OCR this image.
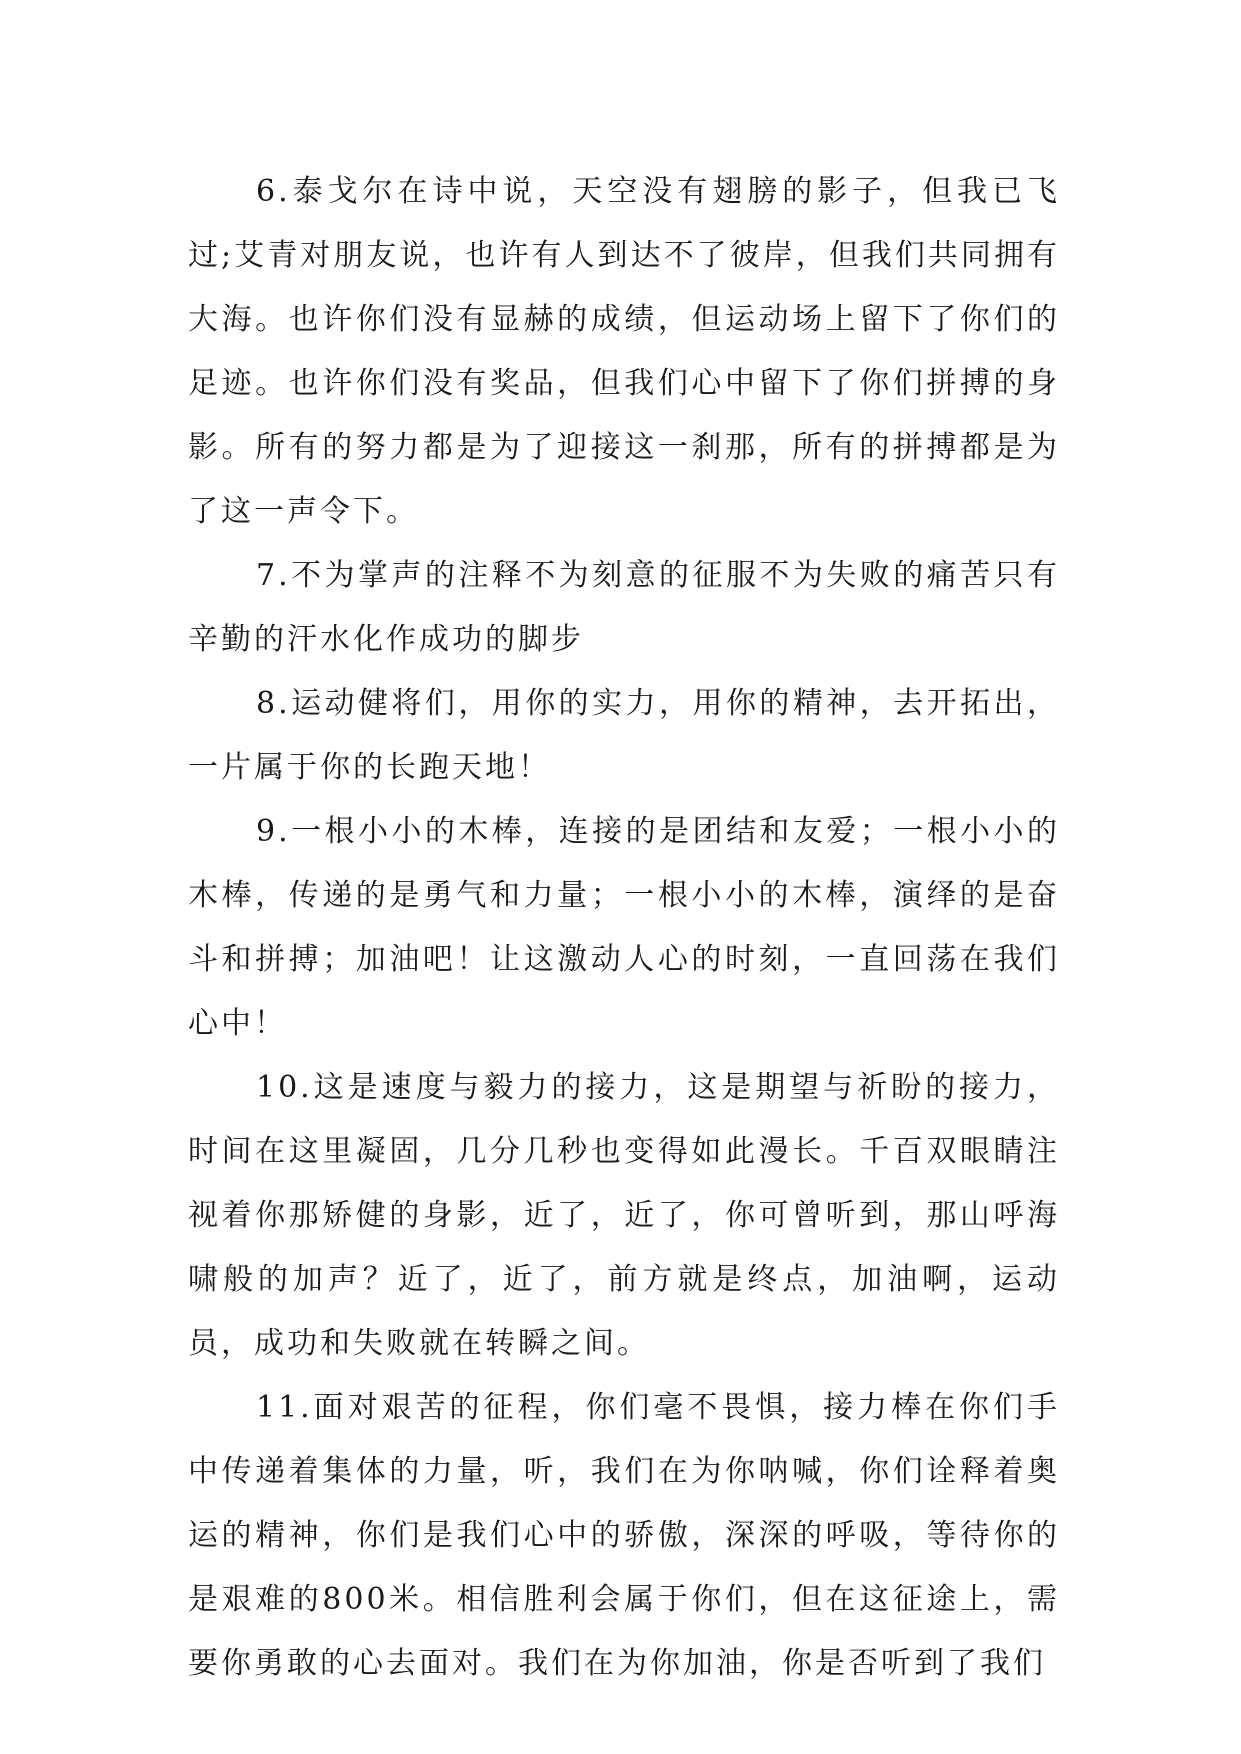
6.泰戈尔在诗中说，天空没有翅膀的影子，但我已飞过;艾青对朋友说，也许有人到达不了彼岸，但我们共同拥有大海。也许你们没有显赫的成绩，但运动场上留下了你们的足迹。也许你们没有奖品，但我们心中留下了你们拼搏的身影。所有的努力都是为了迎接这一刹那，所有的拼搏都是为了这一声令下。

7.不为掌声的注释不为刻意的征服不为失败的痛苦只有辛勤的汗水化作成功的脚步

8.运动健将们，用你的实力，用你的精神，去开拓出，一片属于你的长跑天地！

9.一根小小的木棒，连接的是团结和友爱；一根小小的木棒，传递的是勇气和力量；一根小小的木棒，演绎的是奋斗和拼搏；加油吧！让这激动人心的时刻，一直回荡在我们心中！

10.这是速度与毅力的接力，这是期望与祈盼的接力，时间在这里凝固，几分几秒也变得如此漫长。千百双眼睛注视着你那矫健的身影，近了，近了，你可曾听到，那山呼海啸般的加声？近了，近了，前方就是终点，加油啊，运动员，成功和失败就在转瞬之间。

11.面对艰苦的征程，你们毫不畏惧，接力棒在你们手中传递着集体的力量，听，我们在为你呐喊，你们诠释着奥运的精神，你们是我们心中的骄傲，深深的呼吸，等待你的是艰难的800米。相信胜利会属于你们，但在这征途上，需要你勇敢的心去面对。我们在为你加油，你是否听到了我们
